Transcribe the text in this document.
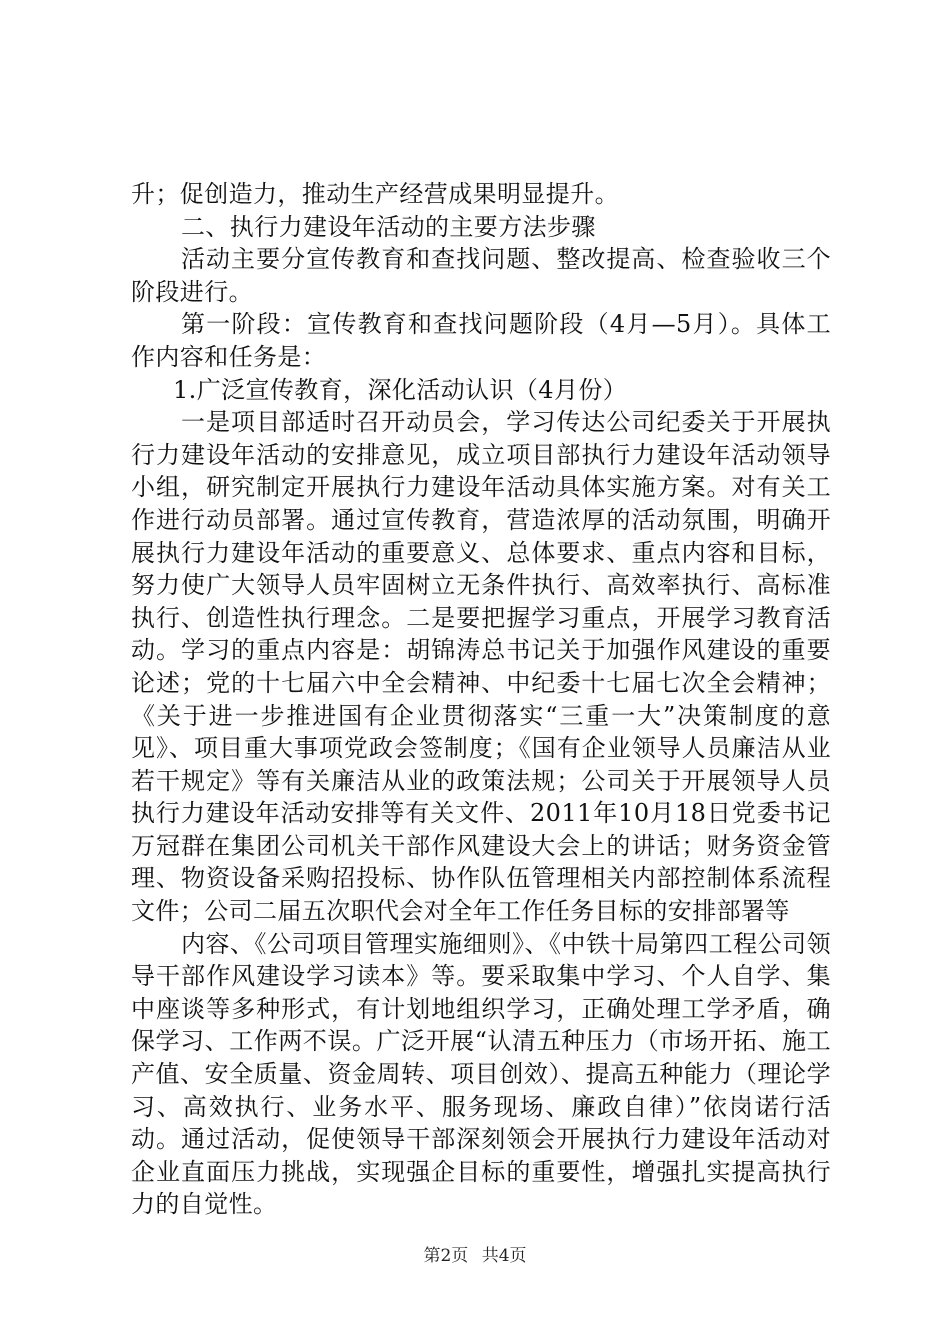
升；促创造力，推动生产经营成果明显提升。

二、执行力建设年活动的主要方法步骤

活动主要分宣传教育和查找问题、整改提高、检查验收三个阶段进行。

第一阶段：宣传教育和查找问题阶段（4月—5月）。具体工作内容和任务是：

1.广泛宣传教育，深化活动认识（4月份）

一是项目部适时召开动员会，学习传达公司纪委关于开展执行力建设年活动的安排意见，成立项目部执行力建设年活动领导小组，研究制定开展执行力建设年活动具体实施方案。对有关工作进行动员部署。通过宣传教育，营造浓厚的活动氛围，明确开展执行力建设年活动的重要意义、总体要求、重点内容和目标，努力使广大领导人员牢固树立无条件执行、高效率执行、高标准执行、创造性执行理念。二是要把握学习重点，开展学习教育活动。学习的重点内容是：胡锦涛总书记关于加强作风建设的重要论述；党的十七届六中全会精神、中纪委十七届七次全会精神；《关于进一步推进国有企业贯彻落实“三重一大”决策制度的意见》、项目重大事项党政会签制度；《国有企业领导人员廉洁从业若干规定》等有关廉洁从业的政策法规；公司关于开展领导人员执行力建设年活动安排等有关文件、2011年10月18日党委书记万冠群在集团公司机关干部作风建设大会上的讲话；财务资金管理、物资设备采购招投标、协作队伍管理相关内部控制体系流程文件；公司二届五次职代会对全年工作任务目标的安排部署等

内容、《公司项目管理实施细则》、《中铁十局第四工程公司领导干部作风建设学习读本》等。要采取集中学习、个人自学、集中座谈等多种形式，有计划地组织学习，正确处理工学矛盾，确保学习、工作两不误。广泛开展“认清五种压力（市场开拓、施工产值、安全质量、资金周转、项目创效）、提高五种能力（理论学习、高效执行、业务水平、服务现场、廉政自律）”依岗诺行活动。通过活动，促使领导干部深刻领会开展执行力建设年活动对企业直面压力挑战，实现强企目标的重要性，增强扎实提高执行力的自觉性。

第2页 共4页
